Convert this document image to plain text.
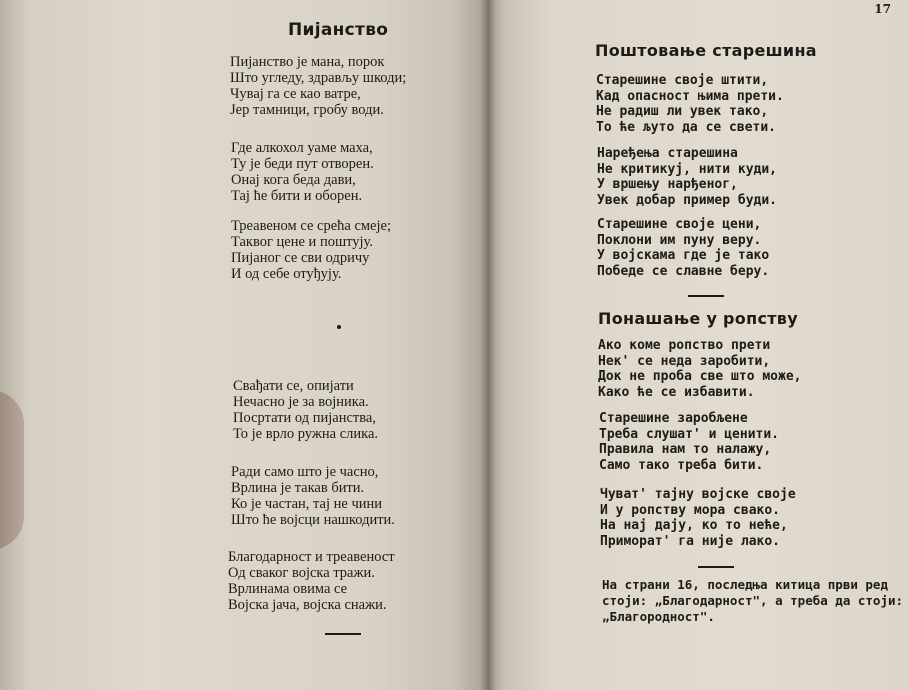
Пијанство
Пијанство је мана, порок
Што угледу, здрављу шкоди;
Чувај га се као ватре,
Јер тамници, гробу води.
Где алкохол уаме маха,
Ту је беди пут отворен.
Онај кога беда дави,
Тај ће бити и оборен.
Треавеном се срећа смеје;
Таквог цене и поштују.
Пијаног се сви одричу
И од себе отуђују.
Свађати се, опијати
Нечасно је за војника.
Посртати од пијанства,
То је врло ружна слика.
Ради само што је часно,
Врлина је такав бити.
Ко је частан, тај не чини
Што ће војсци нашкодити.
Благодарност и треавеност
Од сваког војска тражи.
Врлинама овима се
Војска јача, војска снажи.
17
Поштовање старешина
Старешине своје штити,
Кад опасност њима прети.
Не радиш ли увек тако,
То ће љуто да се свети.
Наређења старешина
Не критикуј, нити куди,
У вршењу нарђеног,
Увек добар пример буди.
Старешине своје цени,
Поклони им пуну веру.
У војскама где је тако
Победе се славне беру.
Понашање у ропству
Ако коме ропство прети
Нек' се неда заробити,
Док не проба све што може,
Како ће се избавити.
Старешине заробљене
Треба слушат' и ценити.
Правила нам то налажу,
Само тако треба бити.
Чуват' тајну војске своје
И у ропству мора свако.
На нај дају, ко то неће,
Приморат' га није лако.
На страни 16, последња китица први ред
стоји: „Благодарност", а треба да стоји:
„Благородност".
